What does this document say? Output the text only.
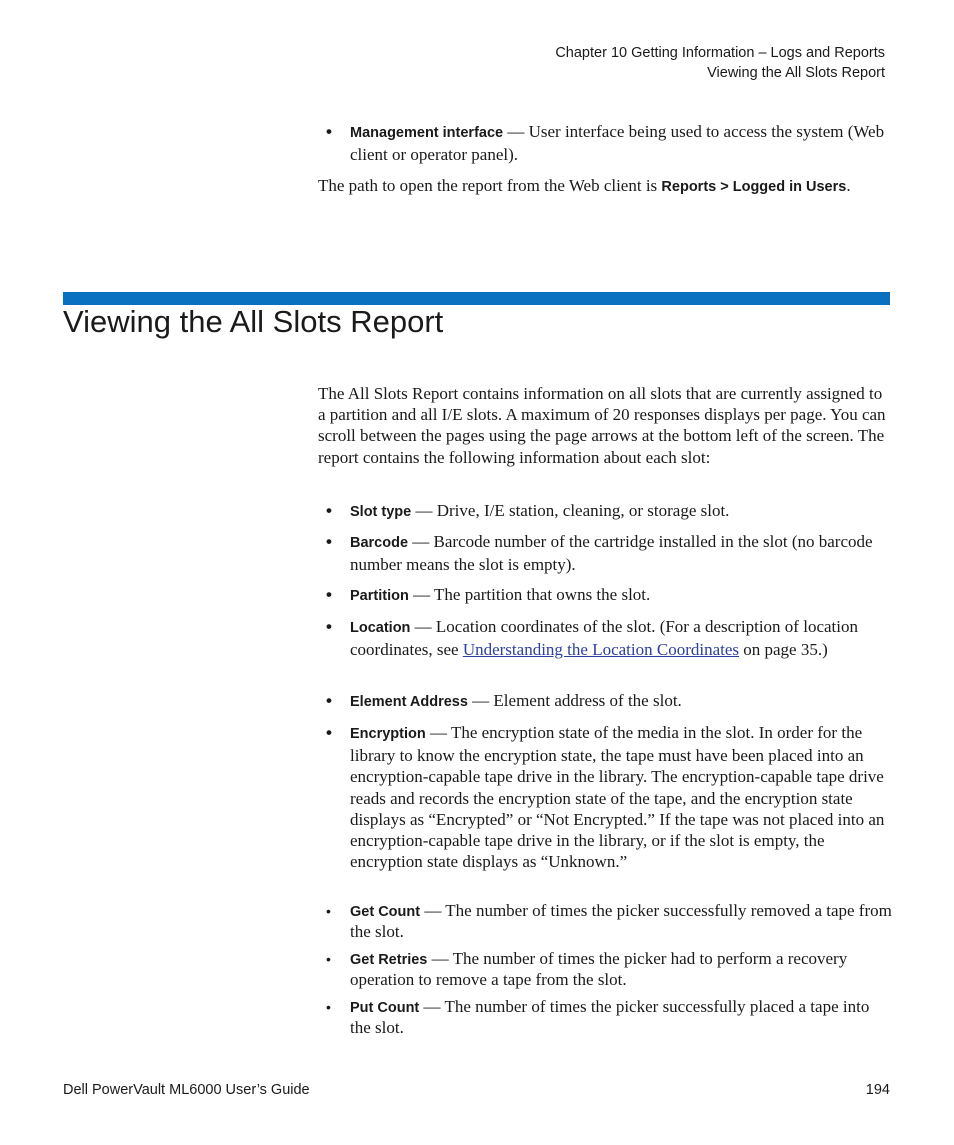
Chapter 10 Getting Information – Logs and Reports
Viewing the All Slots Report
• Management interface — User interface being used to access the system (Web client or operator panel).
The path to open the report from the Web client is Reports > Logged in Users.
Viewing the All Slots Report
The All Slots Report contains information on all slots that are currently assigned to a partition and all I/E slots. A maximum of 20 responses displays per page. You can scroll between the pages using the page arrows at the bottom left of the screen. The report contains the following information about each slot:
• Slot type — Drive, I/E station, cleaning, or storage slot.
• Barcode — Barcode number of the cartridge installed in the slot (no barcode number means the slot is empty).
• Partition — The partition that owns the slot.
• Location — Location coordinates of the slot. (For a description of location coordinates, see Understanding the Location Coordinates on page 35.)
• Element Address — Element address of the slot.
• Encryption — The encryption state of the media in the slot. In order for the library to know the encryption state, the tape must have been placed into an encryption-capable tape drive in the library. The encryption-capable tape drive reads and records the encryption state of the tape, and the encryption state displays as “Encrypted” or “Not Encrypted.” If the tape was not placed into an encryption-capable tape drive in the library, or if the slot is empty, the encryption state displays as “Unknown.”
• Get Count — The number of times the picker successfully removed a tape from the slot.
• Get Retries — The number of times the picker had to perform a recovery operation to remove a tape from the slot.
• Put Count — The number of times the picker successfully placed a tape into the slot.
Dell PowerVault ML6000 User’s Guide	194
